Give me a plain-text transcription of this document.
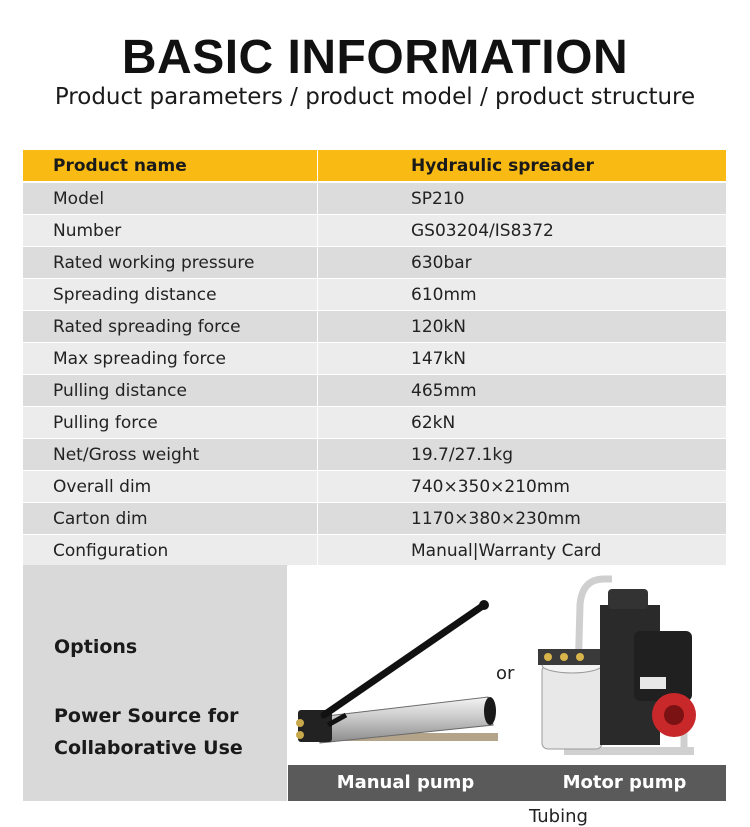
BASIC INFORMATION
Product parameters / product model / product structure
Product name	Hydraulic spreader
Model	SP210
Number	GS03204/IS8372
Rated working pressure	630bar
Spreading distance	610mm
Rated spreading force	120kN
Max spreading force	147kN
Pulling distance	465mm
Pulling force	62kN
Net/Gross weight	19.7/27.1kg
Overall dim	740×350×210mm
Carton dim	1170×380×230mm
Configuration	Manual|Warranty Card
Options
Power Source for Collaborative Use
or
Manual pump	Motor pump
Tubing
